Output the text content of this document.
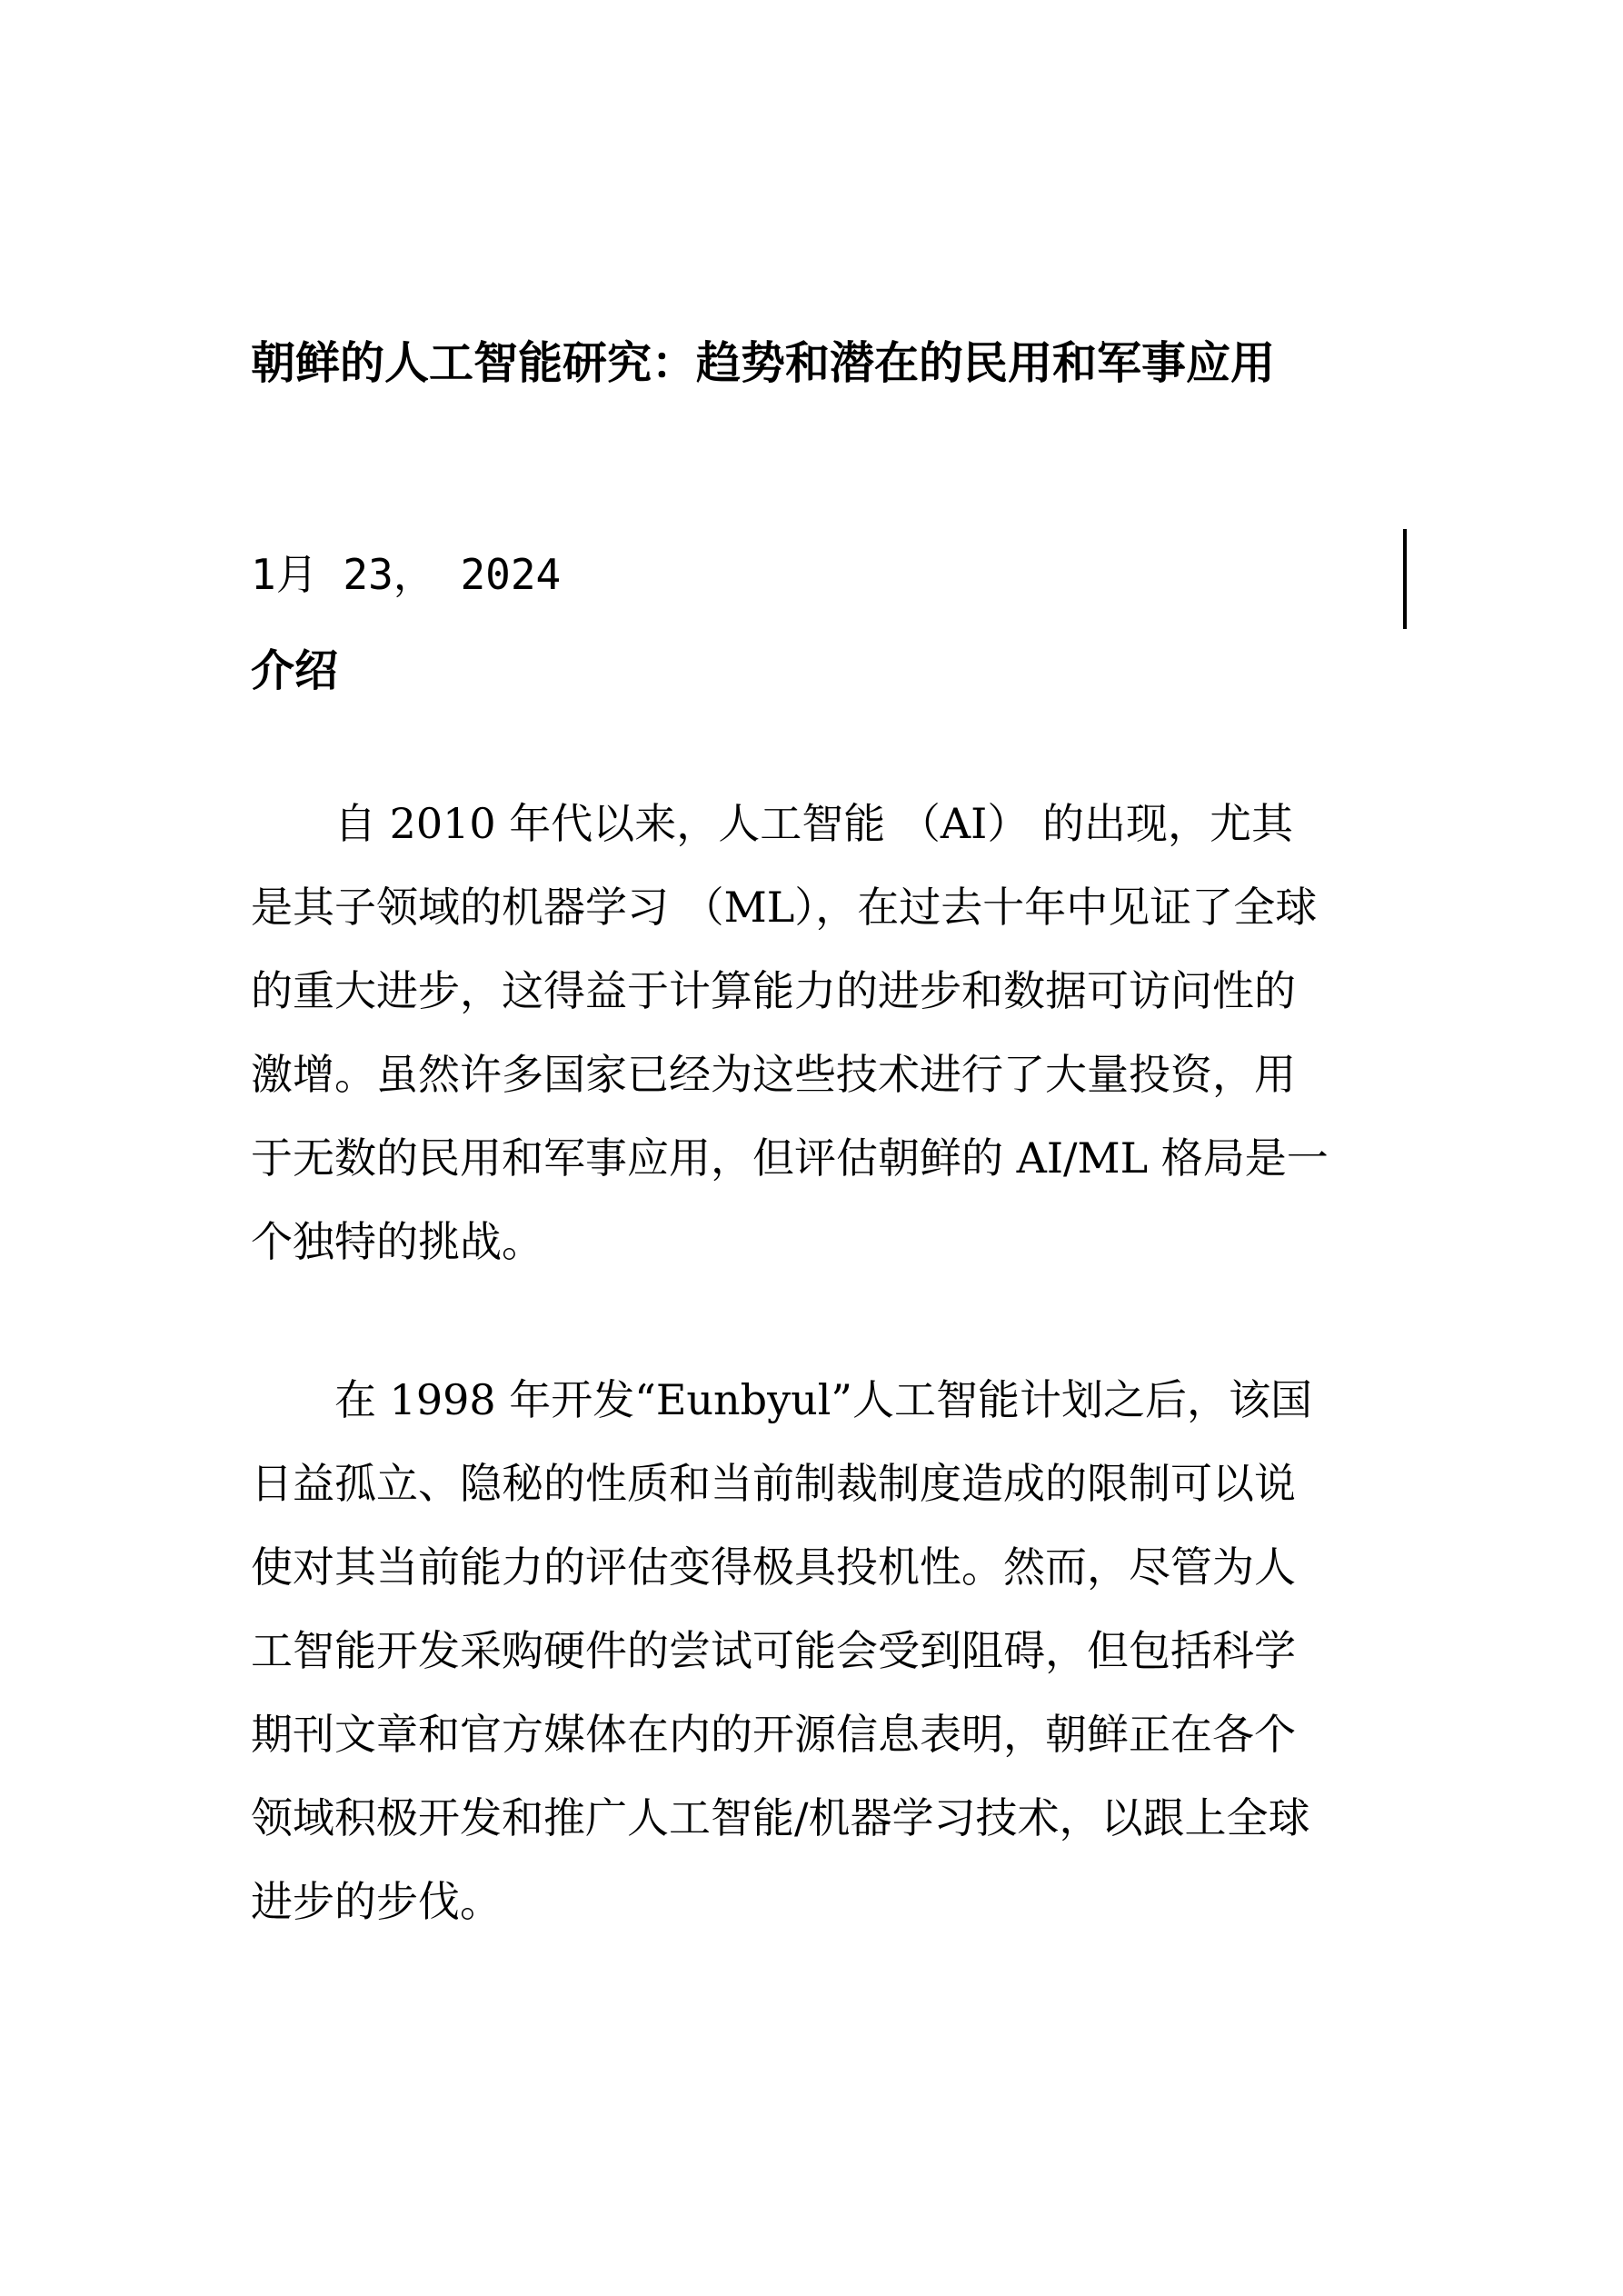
朝鲜的人工智能研究：趋势和潜在的民用和军事应用
1月 23， 2024
介绍
　　自 2010 年代以来，人工智能 （AI） 的出现，尤其
是其子领域的机器学习 （ML），在过去十年中见证了全球
的重大进步，这得益于计算能力的进步和数据可访问性的
激增。虽然许多国家已经为这些技术进行了大量投资，用
于无数的民用和军事应用，但评估朝鲜的 AI/ML 格局是一
个独特的挑战。
　　在 1998 年开发“Eunbyul”人工智能计划之后，该国
日益孤立、隐秘的性质和当前制裁制度造成的限制可以说
使对其当前能力的评估变得极具投机性。然而，尽管为人
工智能开发采购硬件的尝试可能会受到阻碍，但包括科学
期刊文章和官方媒体在内的开源信息表明，朝鲜正在各个
领域积极开发和推广人工智能/机器学习技术，以跟上全球
进步的步伐。
